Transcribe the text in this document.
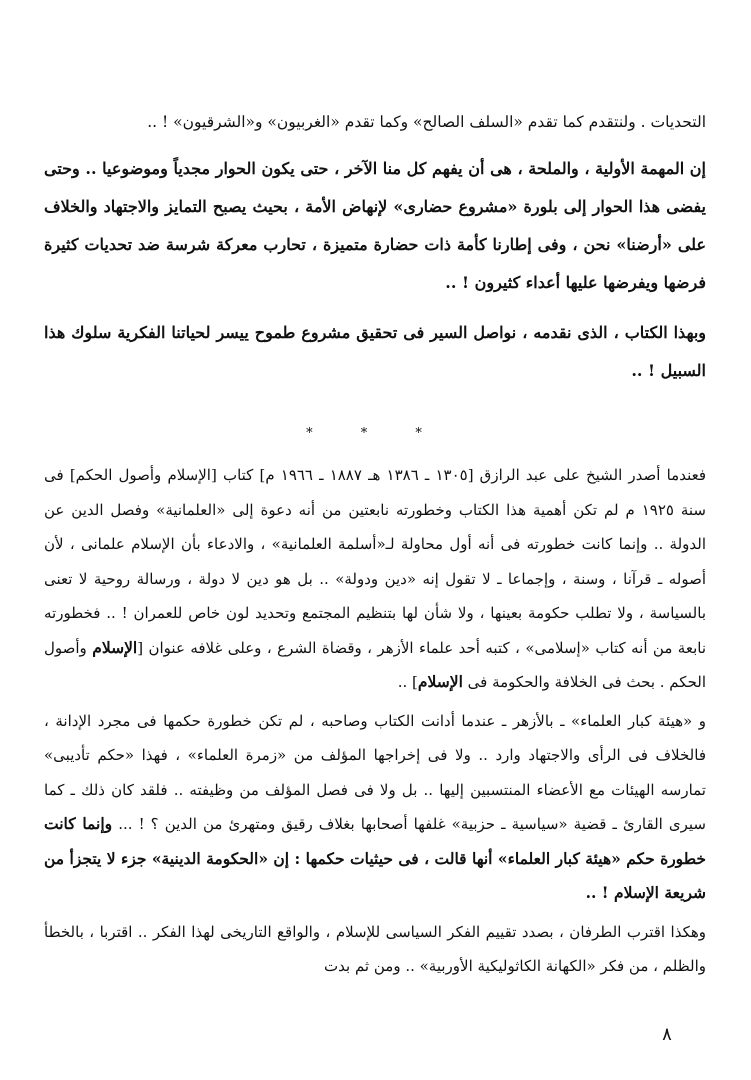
التحديات . ولنتقدم كما تقدم «السلف الصالح» وكما تقدم «الغربيون» و«الشرقيون» ! ..

إن المهمة الأولية ، والملحة ، هى أن يفهم كل منا الآخر ، حتى يكون الحوار مجدياً وموضوعيا .. وحتى يفضى هذا الحوار إلى بلورة «مشروع حضارى» لإنهاض الأمة ، بحيث يصبح التمايز والاجتهاد والخلاف على «أرضنا» نحن ، وفى إطارنا كأمة ذات حضارة متميزة ، تحارب معركة شرسة ضد تحديات كثيرة فرضها ويفرضها عليها أعداء كثيرون ! ..

وبهذا الكتاب ، الذى نقدمه ، نواصل السير فى تحقيق مشروع طموح ييسر لحياتنا الفكرية سلوك هذا السبيل ! ..

* * *

فعندما أصدر الشيخ على عبد الرازق [١٣٠٥ ـ ١٣٨٦ هـ ١٨٨٧ ـ ١٩٦٦ م] كتاب [الإسلام وأصول الحكم] فى سنة ١٩٢٥ م لم تكن أهمية هذا الكتاب وخطورته نابعتين من أنه دعوة إلى «العلمانية» وفصل الدين عن الدولة .. وإنما كانت خطورته فى أنه أول محاولة لـ«أسلمة العلمانية» ، والادعاء بأن الإسلام علمانى ، لأن أصوله ـ قرآنا ، وسنة ، وإجماعا ـ لا تقول إنه «دين ودولة» .. بل هو دين لا دولة ، ورسالة روحية لا تعنى بالسياسة ، ولا تطلب حكومة بعينها ، ولا شأن لها بتنظيم المجتمع وتحديد لون خاص للعمران ! .. فخطورته نابعة من أنه كتاب «إسلامى» ، كتبه أحد علماء الأزهر ، وقضاة الشرع ، وعلى غلافه عنوان [الإسلام وأصول الحكم . بحث فى الخلافة والحكومة فى الإسلام] ..

و «هيئة كبار العلماء» ـ بالأزهر ـ عندما أدانت الكتاب وصاحبه ، لم تكن خطورة حكمها فى مجرد الإدانة ، فالخلاف فى الرأى والاجتهاد وارد .. ولا فى إخراجها المؤلف من «زمرة العلماء» ، فهذا «حكم تأديبى» تمارسه الهيئات مع الأعضاء المنتسبين إليها .. بل ولا فى فصل المؤلف من وظيفته .. فلقد كان ذلك ـ كما سيرى القارئ ـ قضية «سياسية ـ حزبية» غلفها أصحابها بغلاف رقيق ومتهرئ من الدين ؟ ! ... وإنما كانت خطورة حكم «هيئة كبار العلماء» أنها قالت ، فى حيثيات حكمها : إن «الحكومة الدينية» جزء لا يتجزأ من شريعة الإسلام ! ..

وهكذا اقترب الطرفان ، بصدد تقييم الفكر السياسى للإسلام ، والواقع التاريخى لهذا الفكر .. اقتربا ، بالخطأ والظلم ، من فكر «الكهانة الكاثوليكية الأوربية» .. ومن ثم بدت

٨
